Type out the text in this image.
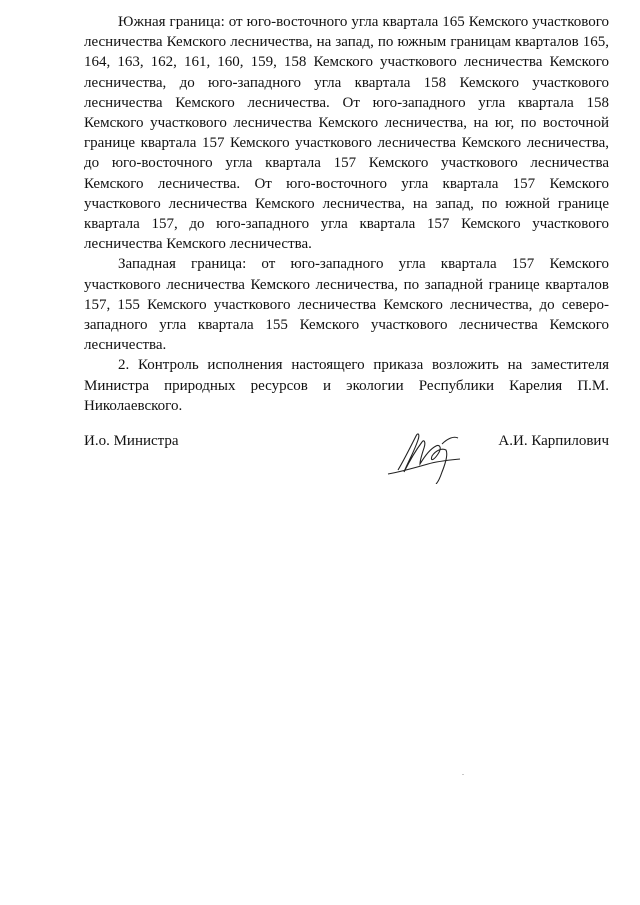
Южная граница: от юго-восточного угла квартала 165 Кемского участкового лесничества Кемского лесничества, на запад, по южным границам кварталов 165, 164, 163, 162, 161, 160, 159, 158 Кемского участкового лесничества Кемского лесничества, до юго-западного угла квартала 158 Кемского участкового лесничества Кемского лесничества. От юго-западного угла квартала 158 Кемского участкового лесничества Кемского лесничества, на юг, по восточной границе квартала 157 Кемского участкового лесничества Кемского лесничества, до юго-восточного угла квартала 157 Кемского участкового лесничества Кемского лесничества. От юго-восточного угла квартала 157 Кемского участкового лесничества Кемского лесничества, на запад, по южной границе квартала 157, до юго-западного угла квартала 157 Кемского участкового лесничества Кемского лесничества.

Западная граница: от юго-западного угла квартала 157 Кемского участкового лесничества Кемского лесничества, по западной границе кварталов 157, 155 Кемского участкового лесничества Кемского лесничества, до северо-западного угла квартала 155 Кемского участкового лесничества Кемского лесничества.

2. Контроль исполнения настоящего приказа возложить на заместителя Министра природных ресурсов и экологии Республики Карелия П.М. Николаевского.

И.о. Министра	А.И. Карпилович
